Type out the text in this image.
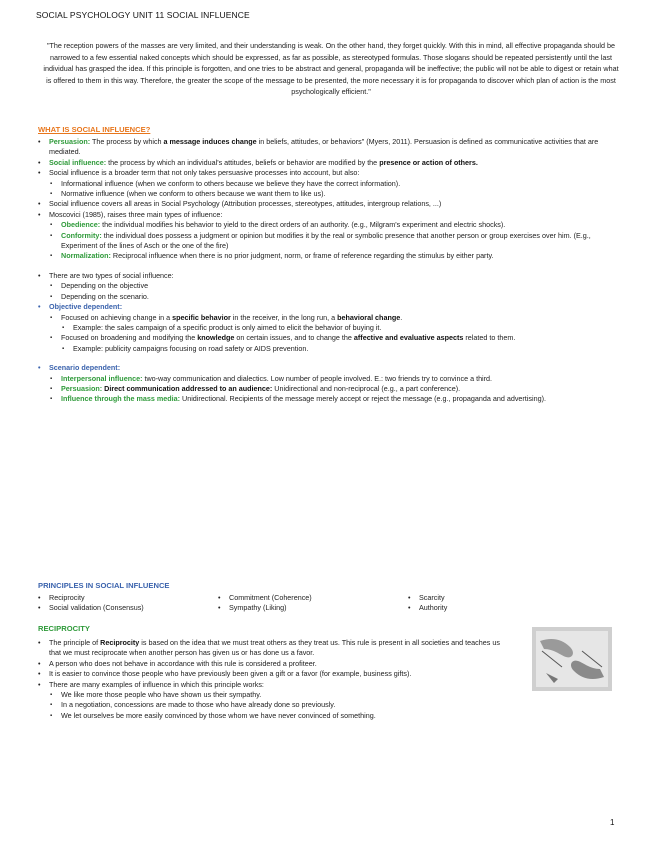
SOCIAL PSYCHOLOGY UNIT 11 SOCIAL INFLUENCE
"The reception powers of the masses are very limited, and their understanding is weak. On the other hand, they forget quickly. With this in mind, all effective propaganda should be narrowed to a few essential naked concepts which should be expressed, as far as possible, as stereotyped formulas. Those slogans should be repeated persistently until the last individual has grasped the idea. If this principle is forgotten, and one tries to be abstract and general, propaganda will be ineffective; the public will not be able to digest or retain what is offered to them in this way. Therefore, the greater the scope of the message to be presented, the more necessary it is for propaganda to discover which plan of action is the most psychologically efficient."
WHAT IS SOCIAL INFLUENCE?
• Persuasion: The process by which a message induces change in beliefs, attitudes, or behaviors" (Myers, 2011). Persuasion is defined as communicative activities that are mediated.
• Social influence: the process by which an individual's attitudes, beliefs or behavior are modified by the presence or action of others.
• Social influence is a broader term that not only takes persuasive processes into account, but also:
▪ Informational influence (when we conform to others because we believe they have the correct information).
▪ Normative influence (when we conform to others because we want them to like us).
• Social influence covers all areas in Social Psychology (Attribution processes, stereotypes, attitudes, intergroup relations, ...)
• Moscovici (1985), raises three main types of influence:
▪ Obedience: the individual modifies his behavior to yield to the direct orders of an authority. (e.g., Milgram's experiment and electric shocks).
▪ Conformity: the individual does possess a judgment or opinion but modifies it by the real or symbolic presence that another person or group exercises over him. (E.g., Experiment of the lines of Asch or the one of the fire)
▪ Normalization: Reciprocal influence when there is no prior judgment, norm, or frame of reference regarding the stimulus by either party.
• There are two types of social influence:
▪ Depending on the objective
▪ Depending on the scenario.
• Objective dependent:
▪ Focused on achieving change in a specific behavior in the receiver, in the long run, a behavioral change.
▪ Example: the sales campaign of a specific product is only aimed to elicit the behavior of buying it.
▪ Focused on broadening and modifying the knowledge on certain issues, and to change the affective and evaluative aspects related to them.
▪ Example: publicity campaigns focusing on road safety or AIDS prevention.
• Scenario dependent:
▪ Interpersonal influence: two-way communication and dialectics. Low number of people involved. E.: two friends try to convince a third.
▪ Persuasion: Direct communication addressed to an audience: Unidirectional and non-reciprocal (e.g., a part conference).
▪ Influence through the mass media: Unidirectional. Recipients of the message merely accept or reject the message (e.g., propaganda and advertising).
PRINCIPLES IN SOCIAL INFLUENCE
• Reciprocity	• Commitment (Coherence)	• Scarcity
• Social validation (Consensus)	• Sympathy (Liking)	• Authority
RECIPROCITY
• The principle of Reciprocity is based on the idea that we must treat others as they treat us. This rule is present in all societies and teaches us that we must reciprocate when another person has given us or has done us a favor.
• A person who does not behave in accordance with this rule is considered a profiteer.
• It is easier to convince those people who have previously been given a gift or a favor (for example, business gifts).
• There are many examples of influence in which this principle works:
▪ We like more those people who have shown us their sympathy.
▪ In a negotiation, concessions are made to those who have already done so previously.
▪ We let ourselves be more easily convinced by those whom we have never convinced of something.
1
